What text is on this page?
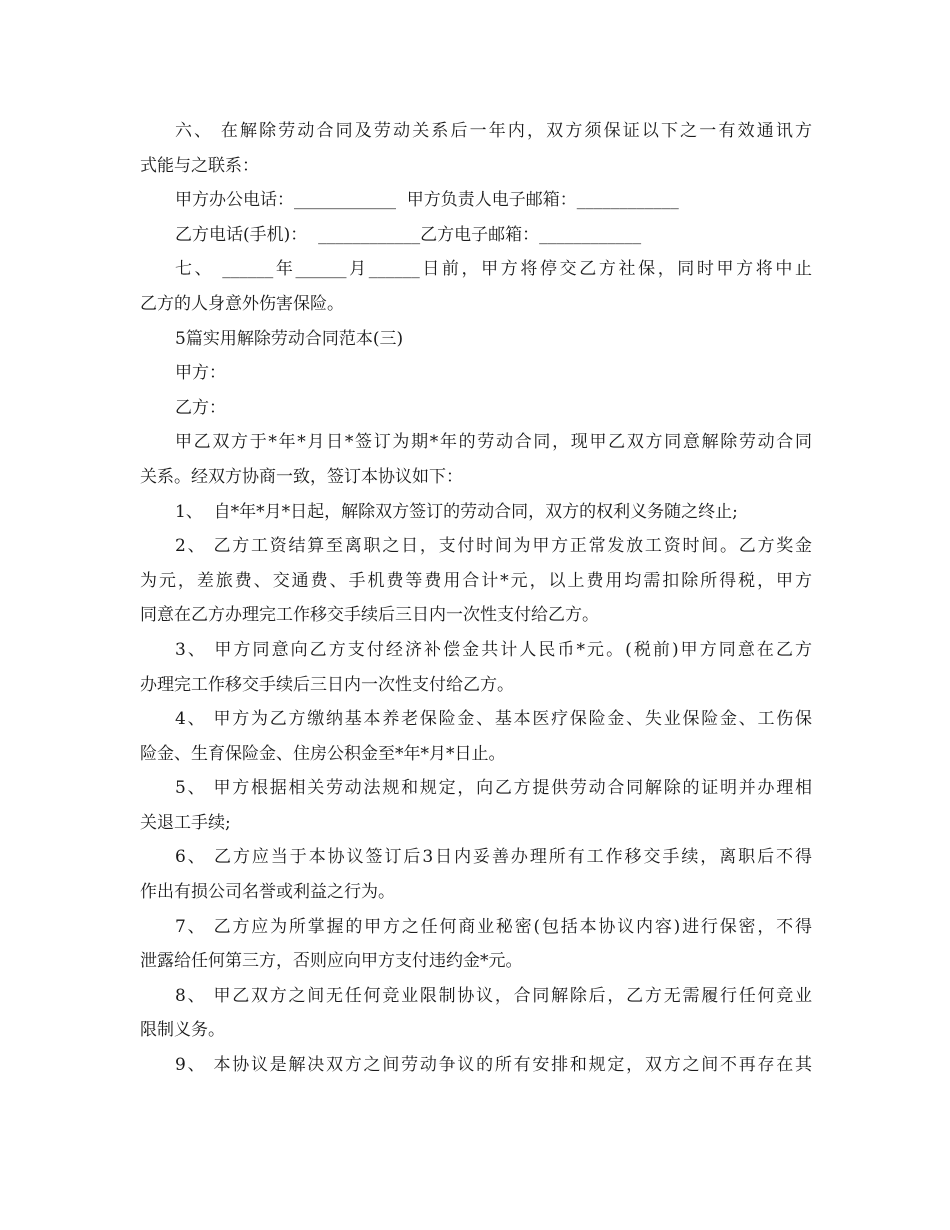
六、 在解除劳动合同及劳动关系后一年内，双方须保证以下之一有效通讯方
式能与之联系：
甲方办公电话：____________  甲方负责人电子邮箱：____________
乙方电话(手机)：  ____________乙方电子邮箱：____________
七、 ______年______月______日前，甲方将停交乙方社保，同时甲方将中止
乙方的人身意外伤害保险。
5篇实用解除劳动合同范本(三)
甲方：
乙方：
甲乙双方于*年*月日*签订为期*年的劳动合同，现甲乙双方同意解除劳动合同
关系。经双方协商一致，签订本协议如下：
1、  自*年*月*日起，解除双方签订的劳动合同，双方的权利义务随之终止;
2、 乙方工资结算至离职之日，支付时间为甲方正常发放工资时间。乙方奖金
为元，差旅费、交通费、手机费等费用合计*元，以上费用均需扣除所得税，甲方
同意在乙方办理完工作移交手续后三日内一次性支付给乙方。
3、 甲方同意向乙方支付经济补偿金共计人民币*元。(税前)甲方同意在乙方
办理完工作移交手续后三日内一次性支付给乙方。
4、 甲方为乙方缴纳基本养老保险金、基本医疗保险金、失业保险金、工伤保
险金、生育保险金、住房公积金至*年*月*日止。
5、 甲方根据相关劳动法规和规定，向乙方提供劳动合同解除的证明并办理相
关退工手续;
6、 乙方应当于本协议签订后3日内妥善办理所有工作移交手续，离职后不得
作出有损公司名誉或利益之行为。
7、 乙方应为所掌握的甲方之任何商业秘密(包括本协议内容)进行保密，不得
泄露给任何第三方，否则应向甲方支付违约金*元。
8、 甲乙双方之间无任何竞业限制协议，合同解除后，乙方无需履行任何竞业
限制义务。
9、 本协议是解决双方之间劳动争议的所有安排和规定，双方之间不再存在其
